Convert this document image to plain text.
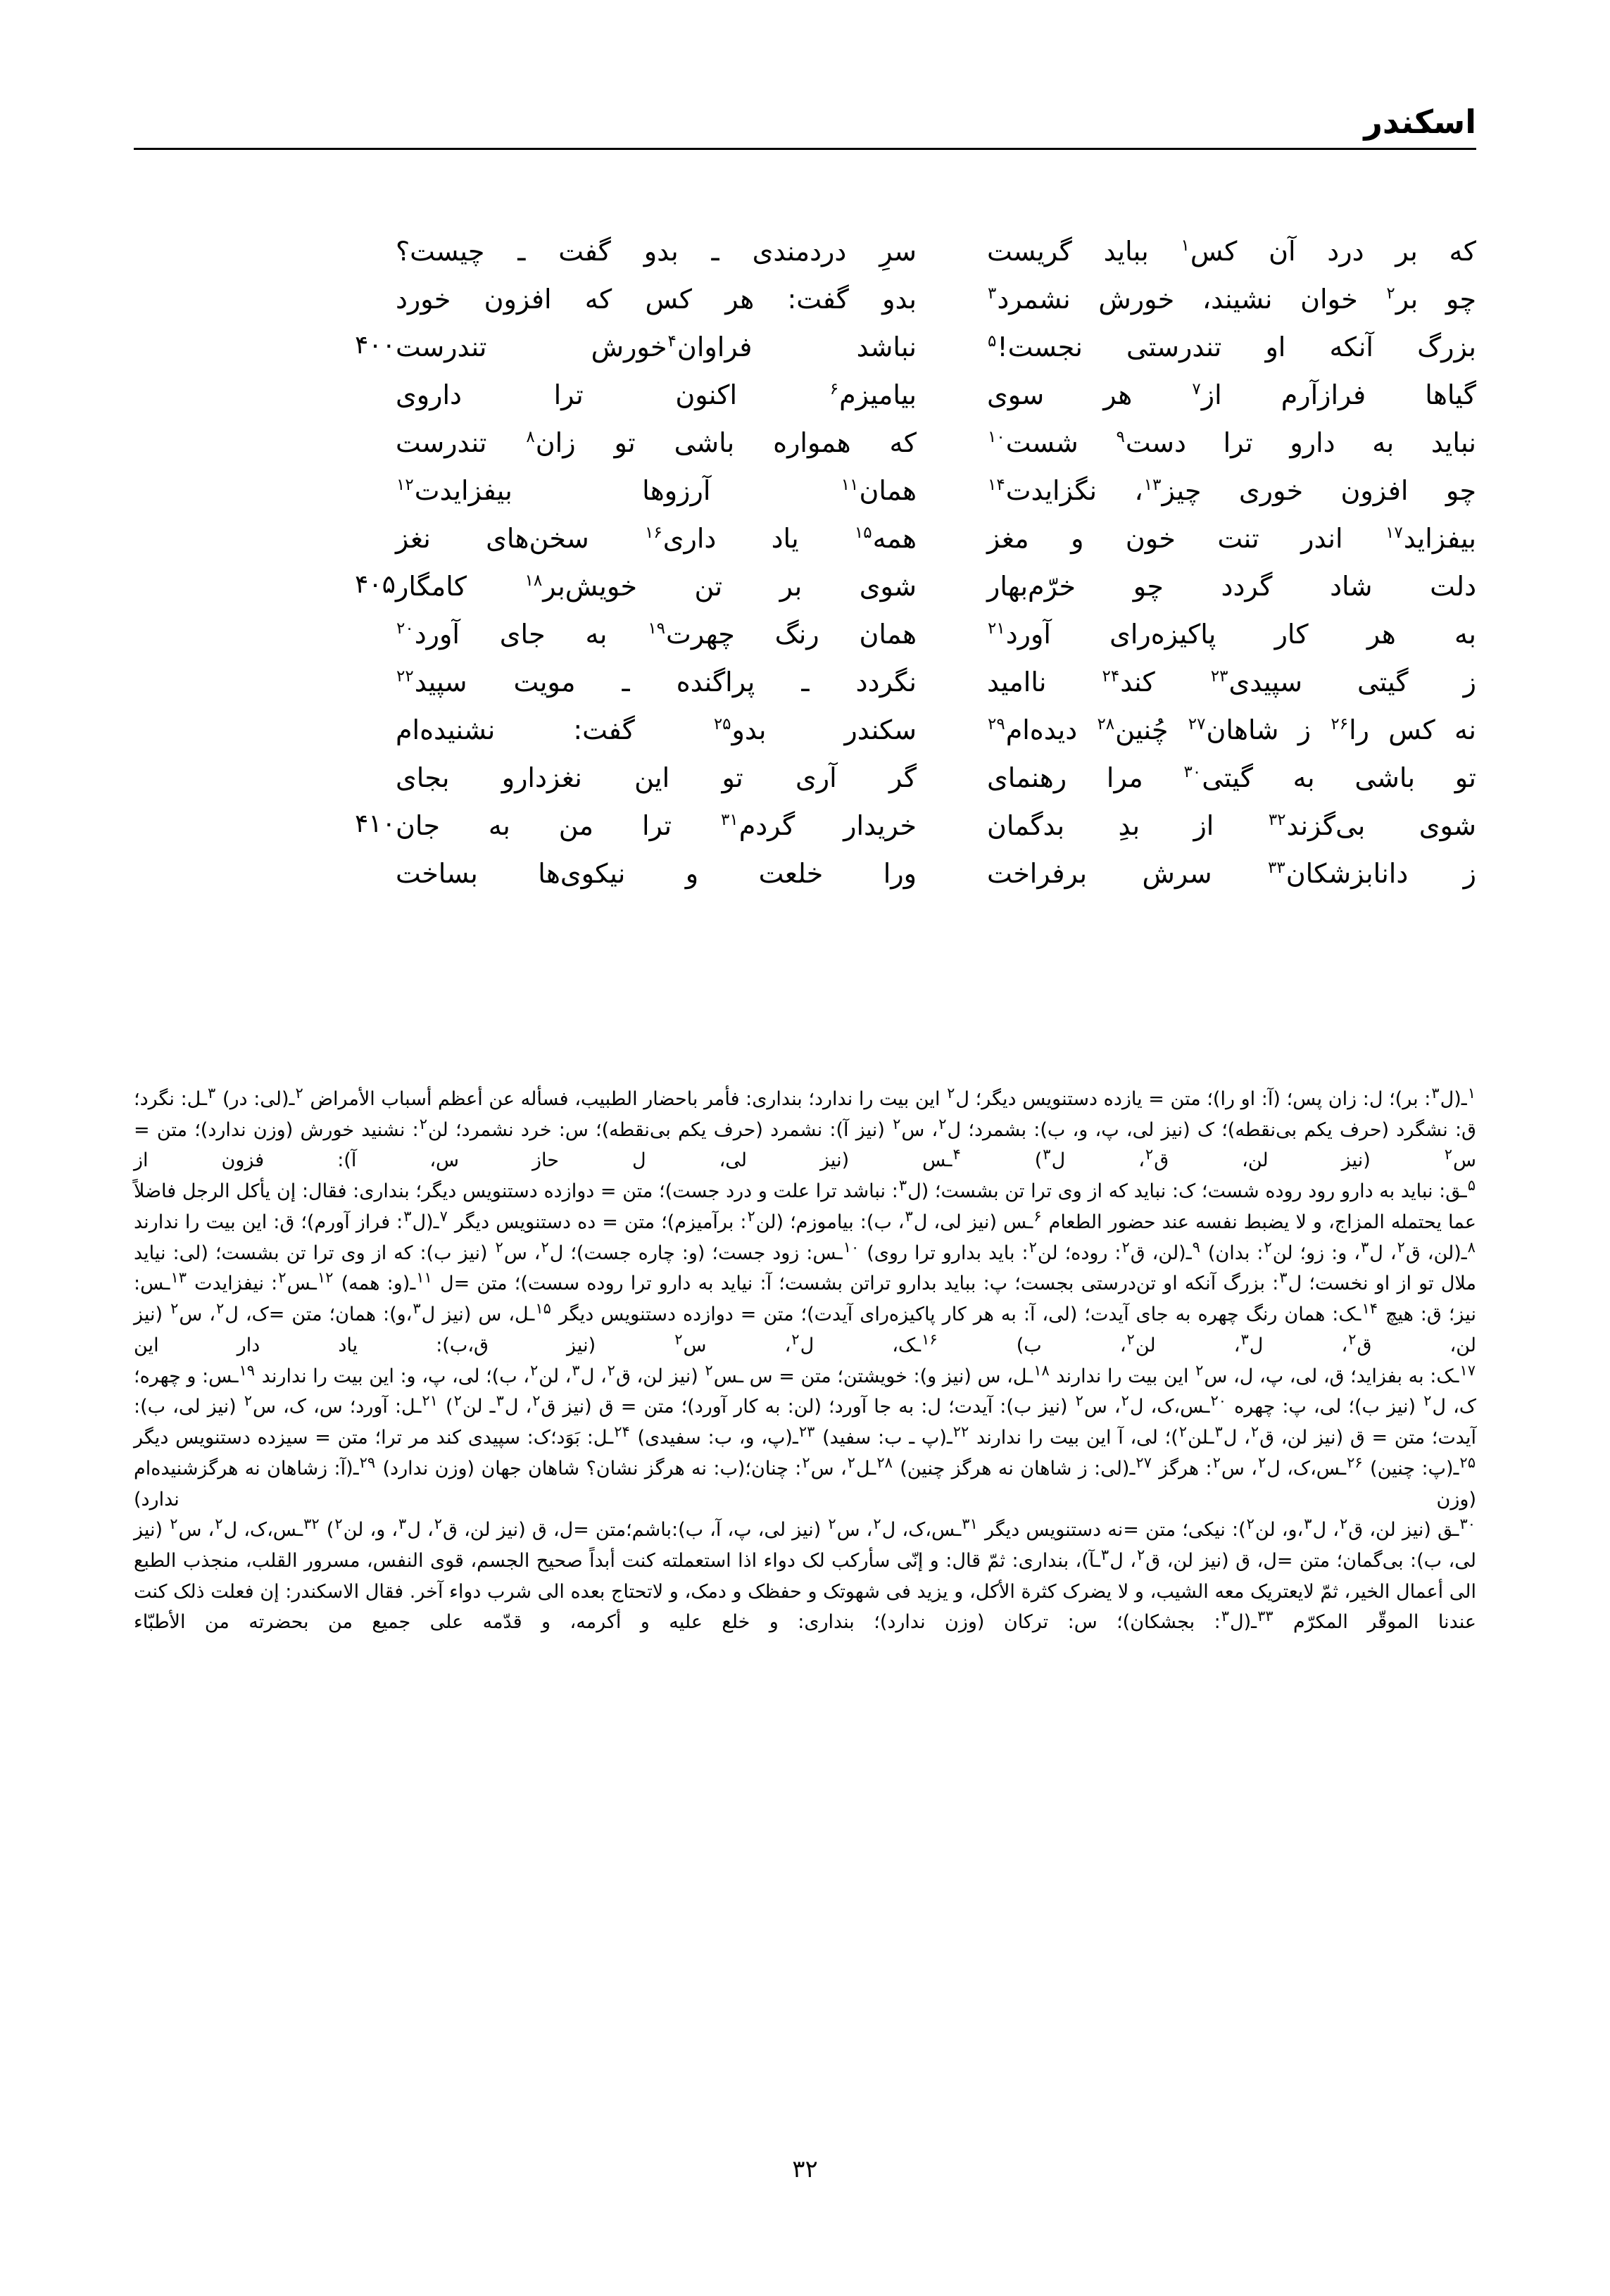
اسکندر
که بر درد آن کس$^۱$ بباید گریست
سرِ دردمندی ـ بدو گفت ـ چیست؟
چو بر$^۲$ خوان نشیند، خورش نشمرد$^۳$
بدو گفت: هر کس که افزون خورد
بزرگ آنکه او تندرستی نجست!$^۵$
نباشد فراوان$^۴$خورش تندرست
۴۰۰
گیاها فرازآرم از$^۷$ هر سوی
بیامیزم$^۶$ اکنون ترا داروی
نباید به دارو ترا دست$^۹$ شست$^{۱۰}$
که همواره باشی تو زان$^۸$ تندرست
چو افزون خوری چیز$^{۱۳}$، نگزایدت$^{۱۴}$
همان$^{۱۱}$ آرزوها بیفزایدت$^{۱۲}$
بیفزاید$^{۱۷}$ اندر تنت خون و مغز
همه$^{۱۵}$ یاد داری$^{۱۶}$ سخن‌های نغز
دلت شاد گردد چو خرّم‌بهار
شوی بر تن خویش‌بر$^{۱۸}$ کامگار
۴۰۵
به هر کار پاکیزه‌رای آورد$^{۲۱}$
همان رنگ چهرت$^{۱۹}$ به جای آورد$^{۲۰}$
ز گیتی سپیدی$^{۲۳}$ کند$^{۲۴}$ ناامید
نگردد ـ پراگنده ـ مویت سپید$^{۲۲}$
نه کس را$^{۲۶}$ ز شاهان$^{۲۷}$ چُنین$^{۲۸}$ دیده‌ام$^{۲۹}$
سکندر بدو$^{۲۵}$ گفت: نشنیده‌ام
تو باشی به گیتی$^{۳۰}$ مرا رهنمای
گر آری تو این نغزدارو بجای
شوی بی‌گزند$^{۳۲}$ از بدِ بدگمان
خریدار گردم$^{۳۱}$ ترا من به جان
۴۱۰
ز دانابزشکان$^{۳۳}$ سرش برفراخت
ورا خلعت و نیکوی‌ها بساخت

$^۱$ـ(ل$^۳$: بر)؛ ل: زان پس؛ (آ: او را)؛ متن = یازده دستنویس دیگر؛ ل$^۲$ این بیت را ندارد؛ بنداری: فأمر باحضار الطبیب، فسأله عن أعظم أسباب الأمراض $^۲$ـ(لی: در) $^۳$ـل: نگرد؛ ق: نشگرد (حرف یکم بی‌نقطه)؛ ک (نیز لی، پ، و، ب): بشمرد؛ ل$^۲$، س$^۲$ (نیز آ): نشمرد (حرف یکم بی‌نقطه)؛ س: خرد نشمرد؛ لن$^۲$: نشنید خورش (وزن ندارد)؛ متن = س$^۲$ (نیز لن، ق$^۲$، ل$^۳$) $^۴$ـس (نیز لی، ل حاز س، آ): فزون از

$^۵$ـق: نباید به دارو رود روده شست؛ ک: نباید که از وی ترا تن بشست؛ (ل$^۳$: نباشد ترا علت و درد جست)؛ متن = دوازده دستنویس دیگر؛ بنداری: فقال: إن یأکل الرجل فاضلاً عما یحتمله المزاج، و لا یضبط نفسه عند حضور الطعام $^۶$ـس (نیز لی، ل$^۳$، ب): بیاموزم؛ (لن$^۲$: برآمیزم)؛ متن = ده دستنویس دیگر $^۷$ـ(ل$^۳$: فراز آورم)؛ ق: این بیت را ندارند $^۸$ـ(لن، ق$^۲$، ل$^۳$، و: زو؛ لن$^۲$: بدان) $^۹$ـ(لن، ق$^۲$: روده؛ لن$^۲$: باید بدارو ترا روی) $^{۱۰}$ـس: زود جست؛ (و: چاره جست)؛ ل$^۲$، س$^۲$ (نیز ب): که از وی ترا تن بشست؛ (لی: نیاید ملال تو از او نخست؛ ل$^۳$: بزرگ آنکه او تن‌درستی بجست؛ پ: بباید بدارو تراتن بشست؛ آ: نیاید به دارو ترا روده سست)؛ متن =ل $^{۱۱}$ـ(و: همه) $^{۱۲}$ـس$^۲$: نیفزایدت $^{۱۳}$ـس: نیز؛ ق: هیچ $^{۱۴}$ـک: همان رنگ چهره به جای آیدت؛ (لی، آ: به هر کار پاکیزه‌رای آیدت)؛ متن = دوازده دستنویس دیگر $^{۱۵}$ـل، س (نیز ل$^۳$،و): همان؛ متن =ک، ل$^۲$، س$^۲$ (نیز لن، ق$^۲$، ل$^۳$، لن$^۲$، ب) $^{۱۶}$ـک، ل$^۲$، س$^۲$ (نیز ق،ب): یاد دار این

$^{۱۷}$ـک: به بفزاید؛ ق، لی، پ، ل، س$^۲$ این بیت را ندارند $^{۱۸}$ـل، س (نیز و): خویشتن؛ متن = س ـس$^۲$ (نیز لن، ق$^۲$، ل$^۳$، لن$^۲$، ب)؛ لی، پ، و: این بیت را ندارند $^{۱۹}$ـس: و چهره؛ک، ل$^۲$ (نیز ب)؛ لی، پ: چهره $^{۲۰}$ـس،ک، ل$^۲$، س$^۲$ (نیز ب): آیدت؛ ل: به جا آورد؛ (لن: به کار آورد)؛ متن = ق (نیز ق$^۲$، ل$^۳$ـ لن$^۲$) $^{۲۱}$ـل: آورد؛ س، ک، س$^۲$ (نیز لی، ب): آیدت؛ متن = ق (نیز لن، ق$^۲$، ل$^۳$ـلن$^۲$)؛ لی، آ این بیت را ندارند $^{۲۲}$ـ(پ ـ ب: سفید) $^{۲۳}$ـ(پ، و، ب: سفیدی) $^{۲۴}$ـل: بَوَد؛ک: سپیدی کند مر ترا؛ متن = سیزده دستنویس دیگر $^{۲۵}$ـ(پ: چنین) $^{۲۶}$ـس،ک، ل$^۲$، س$^۲$: هرگز $^{۲۷}$ـ(لی: ز شاهان نه هرگز چنین) $^{۲۸}$ـل$^۲$، س$^۲$: چنان؛(ب: نه هرگز نشان؟ شاهان جهان (وزن ندارد) $^{۲۹}$ـ(آ: زشاهان نه هرگزشنیده‌ام (وزن ندارد)

$^{۳۰}$ـق (نیز لن، ق$^۲$، ل$^۳$،و، لن$^۲$): نیکی؛ متن =نه دستنویس دیگر $^{۳۱}$ـس،ک، ل$^۲$، س$^۲$ (نیز لی، پ، آ، ب):باشم؛متن =ل، ق (نیز لن، ق$^۲$، ل$^۳$، و، لن$^۲$) $^{۳۲}$ـس،ک، ل$^۲$، س$^۲$ (نیز لی، ب): بی‌گمان؛ متن =ل، ق (نیز لن، ق$^۲$، ل$^۳$ـآ)، بنداری: ثمّ قال: و إنّی سأرکب لک دواء اذا استعملته کنت أبداً صحیح الجسم، قوی النفس، مسرور القلب، منجذب الطبع الی أعمال الخیر، ثمّ لایعتریک معه الشیب، و لا یضرک کثرة الأکل، و یزید فی شهوتک و حفظک و دمک، و لاتحتاج بعده الی شرب دواء آخر. فقال الاسکندر: إن فعلت ذلک کنت عندنا الموقّر المکرّم $^{۳۳}$ـ(ل$^۳$: بجشکان)؛ س: ترکان (وزن ندارد)؛ بنداری: و خلع علیه و أکرمه، و قدّمه علی جمیع من بحضرته من الأطبّاء

۳۲
